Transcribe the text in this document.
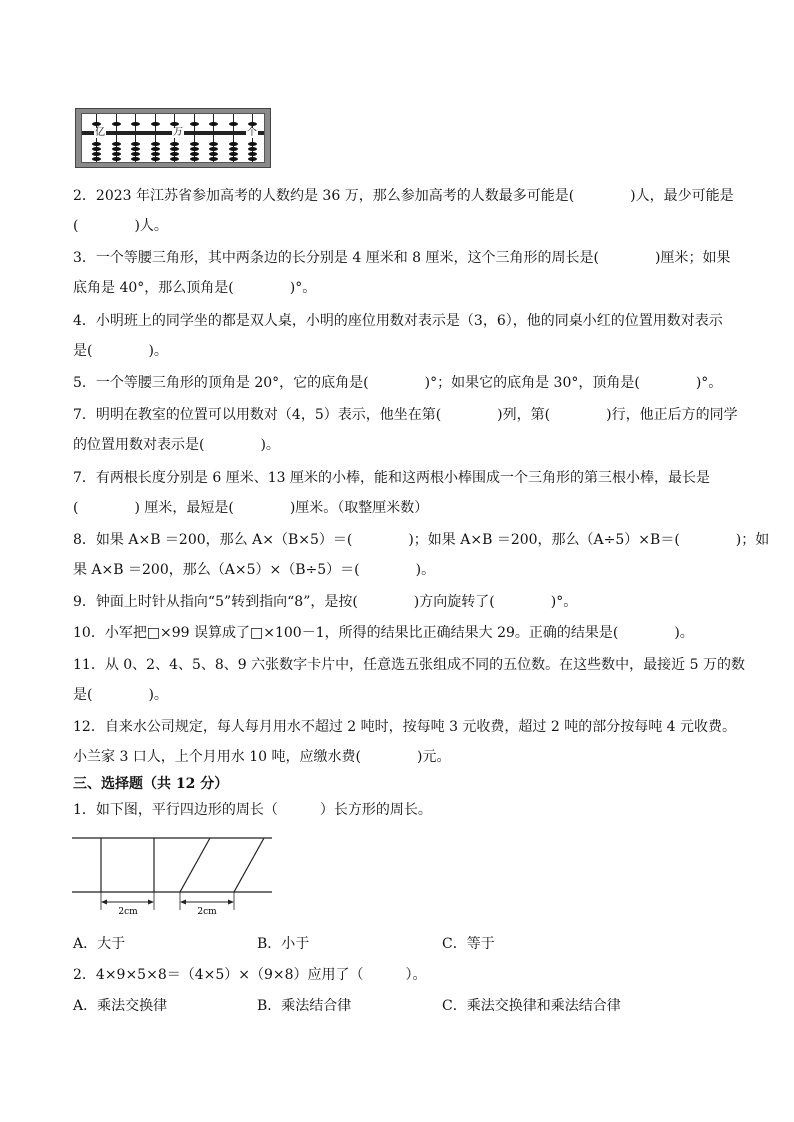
亿	万	个
2．2023 年江苏省参加高考的人数约是 36 万，那么参加高考的人数最多可能是(　　　　)人，最少可能是
(　　　　)人。
3．一个等腰三角形，其中两条边的长分别是 4 厘米和 8 厘米，这个三角形的周长是(　　　　)厘米；如果
底角是 40°，那么顶角是(　　　　)°。
4．小明班上的同学坐的都是双人桌，小明的座位用数对表示是（3，6），他的同桌小红的位置用数对表示
是(　　　　)。
5．一个等腰三角形的顶角是 20°，它的底角是(　　　　)°；如果它的底角是 30°，顶角是(　　　　)°。
7．明明在教室的位置可以用数对（4，5）表示，他坐在第(　　　　)列，第(　　　　)行，他正后方的同学
的位置用数对表示是(　　　　)。
7．有两根长度分别是 6 厘米、13 厘米的小棒，能和这两根小棒围成一个三角形的第三根小棒，最长是
(　　　　) 厘米，最短是(　　　　)厘米。（取整厘米数）
8．如果 A×B ＝200，那么 A×（B×5）＝(　　　　)；如果 A×B ＝200，那么（A÷5）×B＝(　　　　)；如
果 A×B ＝200，那么（A×5）×（B÷5）＝(　　　　)。
9．钟面上时针从指向“5”转到指向“8”，是按(　　　　)方向旋转了(　　　　)°。
10．小军把□×99 误算成了□×100－1，所得的结果比正确结果大 29。正确的结果是(　　　　)。
11．从 0、2、4、5、8、9 六张数字卡片中，任意选五张组成不同的五位数。在这些数中，最接近 5 万的数
是(　　　　)。
12．自来水公司规定，每人每月用水不超过 2 吨时，按每吨 3 元收费，超过 2 吨的部分按每吨 4 元收费。
小兰家 3 口人，上个月用水 10 吨，应缴水费(　　　　)元。
三、选择题（共 12 分）
1．如下图，平行四边形的周长（　　　）长方形的周长。
2cm	2cm
A．大于	B．小于	C．等于
2．4×9×5×8＝（4×5）×（9×8）应用了（　　　）。
A．乘法交换律	B．乘法结合律	C．乘法交换律和乘法结合律
